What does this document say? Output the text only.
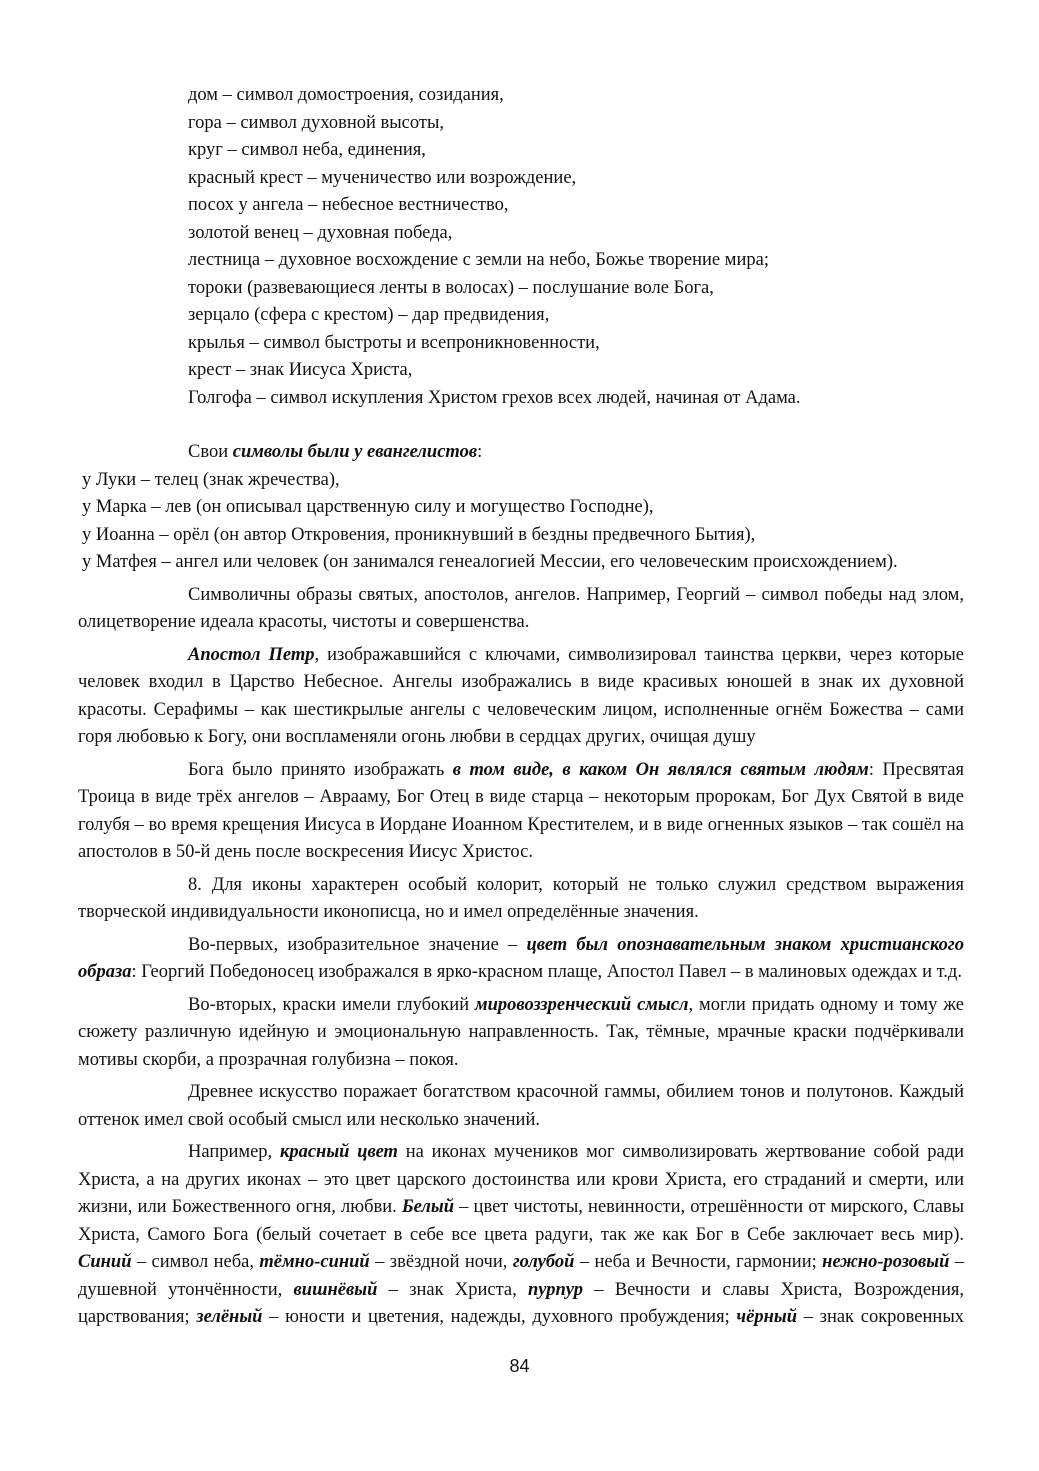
дом – символ домостроения, созидания,
гора – символ духовной высоты,
круг – символ неба, единения,
красный крест – мученичество или возрождение,
посох у ангела – небесное вестничество,
золотой венец – духовная победа,
лестница – духовное восхождение с земли на небо, Божье творение мира;
тороки (развевающиеся ленты в волосах) – послушание воле Бога,
зерцало (сфера с крестом) – дар предвидения,
крылья – символ быстроты и всепроникновенности,
крест – знак Иисуса Христа,
Голгофа – символ искупления Христом грехов всех людей, начиная от Адама.
Свои символы были у евангелистов:
у Луки – телец (знак жречества),
у Марка – лев (он описывал царственную силу и могущество Господне),
у Иоанна – орёл (он автор Откровения, проникнувший в бездны предвечного Бытия),

у Матфея – ангел или человек (он занимался генеалогией Мессии, его человеческим происхождением).

Символичны образы святых, апостолов, ангелов. Например, Георгий – символ победы над злом, олицетворение идеала красоты, чистоты и совершенства.

Апостол Петр, изображавшийся с ключами, символизировал таинства церкви, через которые человек входил в Царство Небесное. Ангелы изображались в виде красивых юношей в знак их духовной красоты. Серафимы – как шестикрылые ангелы с человеческим лицом, исполненные огнём Божества – сами горя любовью к Богу, они воспламеняли огонь любви в сердцах других, очищая душу

Бога было принято изображать в том виде, в каком Он являлся святым людям: Пресвятая Троица в виде трёх ангелов – Аврааму, Бог Отец в виде старца – некоторым пророкам, Бог Дух Святой в виде голубя – во время крещения Иисуса в Иордане Иоанном Крестителем, и в виде огненных языков – так сошёл на апостолов в 50-й день после воскресения Иисус Христос.

8. Для иконы характерен особый колорит, который не только служил средством выражения творческой индивидуальности иконописца, но и имел определённые значения.

Во-первых, изобразительное значение – цвет был опознавательным знаком христианского образа: Георгий Победоносец изображался в ярко-красном плаще, Апостол Павел – в малиновых одеждах и т.д.

Во-вторых, краски имели глубокий мировоззренческий смысл, могли придать одному и тому же сюжету различную идейную и эмоциональную направленность. Так, тёмные, мрачные краски подчёркивали мотивы скорби, а прозрачная голубизна – покоя.

Древнее искусство поражает богатством красочной гаммы, обилием тонов и полутонов. Каждый оттенок имел свой особый смысл или несколько значений.

Например, красный цвет на иконах мучеников мог символизировать жертвование собой ради Христа, а на других иконах – это цвет царского достоинства или крови Христа, его страданий и смерти, или жизни, или Божественного огня, любви. Белый – цвет чистоты, невинности, отрешённости от мирского, Славы Христа, Самого Бога (белый сочетает в себе все цвета радуги, так же как Бог в Себе заключает весь мир). Синий – символ неба, тёмно-синий – звёздной ночи, голубой – неба и Вечности, гармонии; нежно-розовый – душевной утончённости, вишнёвый – знак Христа, пурпур – Вечности и славы Христа, Возрождения, царствования; зелёный – юности и цветения, надежды, духовного пробуждения; чёрный – знак сокровенных

84
